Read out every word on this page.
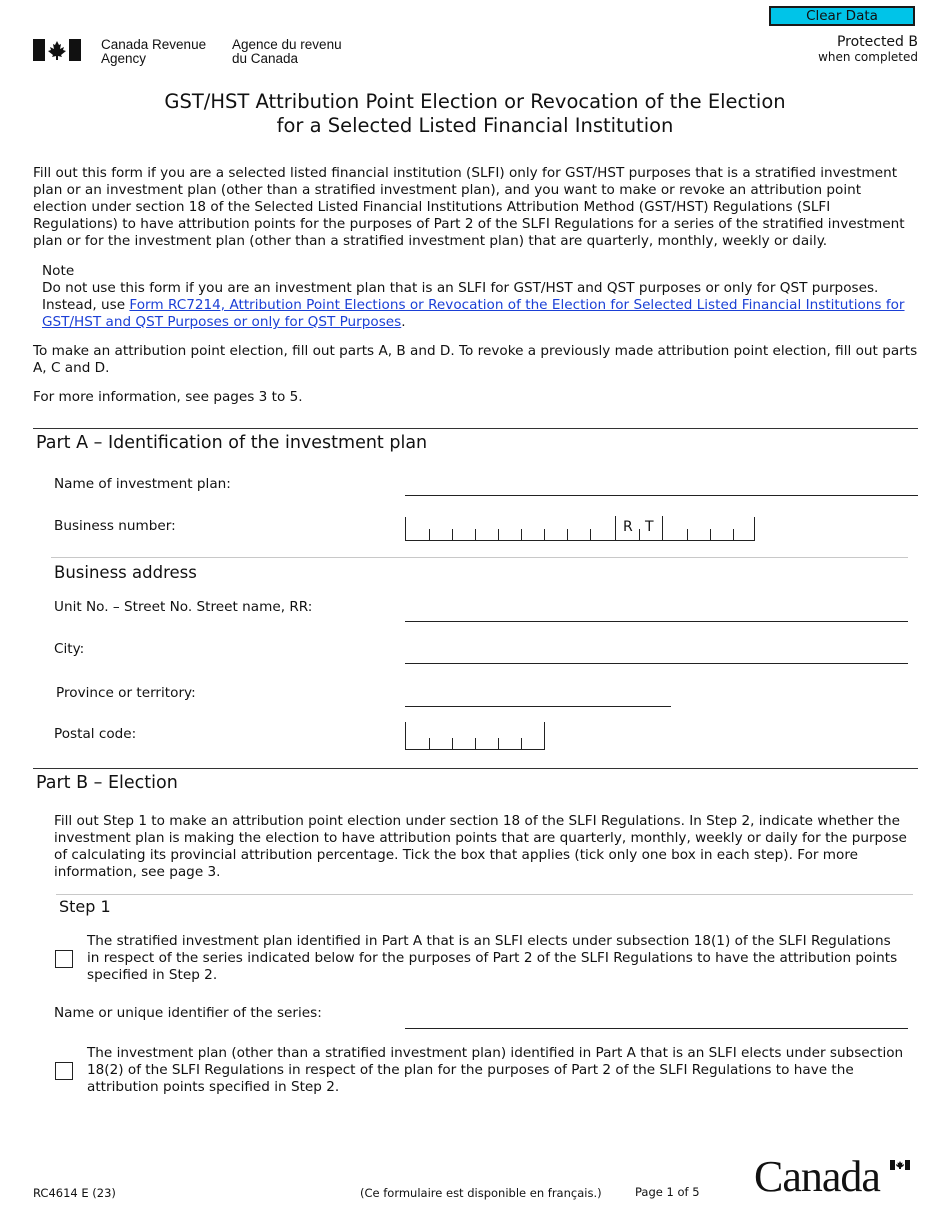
Clear Data
Canada Revenue
Agency
Agence du revenu
du Canada
Protected B
when completed
GST/HST Attribution Point Election or Revocation of the Election
for a Selected Listed Financial Institution
Fill out this form if you are a selected listed financial institution (SLFI) only for GST/HST purposes that is a stratified investment plan or an investment plan (other than a stratified investment plan), and you want to make or revoke an attribution point election under section 18 of the Selected Listed Financial Institutions Attribution Method (GST/HST) Regulations (SLFI Regulations) to have attribution points for the purposes of Part 2 of the SLFI Regulations for a series of the stratified investment plan or for the investment plan (other than a stratified investment plan) that are quarterly, monthly, weekly or daily.
Note
Do not use this form if you are an investment plan that is an SLFI for GST/HST and QST purposes or only for QST purposes. Instead, use Form RC7214, Attribution Point Elections or Revocation of the Election for Selected Listed Financial Institutions for GST/HST and QST Purposes or only for QST Purposes.
To make an attribution point election, fill out parts A, B and D. To revoke a previously made attribution point election, fill out parts A, C and D.
For more information, see pages 3 to 5.
Part A – Identification of the investment plan
Name of investment plan:
Business number:	R T
Business address
Unit No. – Street No. Street name, RR:
City:
Province or territory:
Postal code:
Part B – Election
Fill out Step 1 to make an attribution point election under section 18 of the SLFI Regulations. In Step 2, indicate whether the investment plan is making the election to have attribution points that are quarterly, monthly, weekly or daily for the purpose of calculating its provincial attribution percentage. Tick the box that applies (tick only one box in each step). For more information, see page 3.
Step 1
The stratified investment plan identified in Part A that is an SLFI elects under subsection 18(1) of the SLFI Regulations in respect of the series indicated below for the purposes of Part 2 of the SLFI Regulations to have the attribution points specified in Step 2.
Name or unique identifier of the series:
The investment plan (other than a stratified investment plan) identified in Part A that is an SLFI elects under subsection 18(2) of the SLFI Regulations in respect of the plan for the purposes of Part 2 of the SLFI Regulations to have the attribution points specified in Step 2.
RC4614 E (23)	(Ce formulaire est disponible en français.)	Page 1 of 5 Canada
